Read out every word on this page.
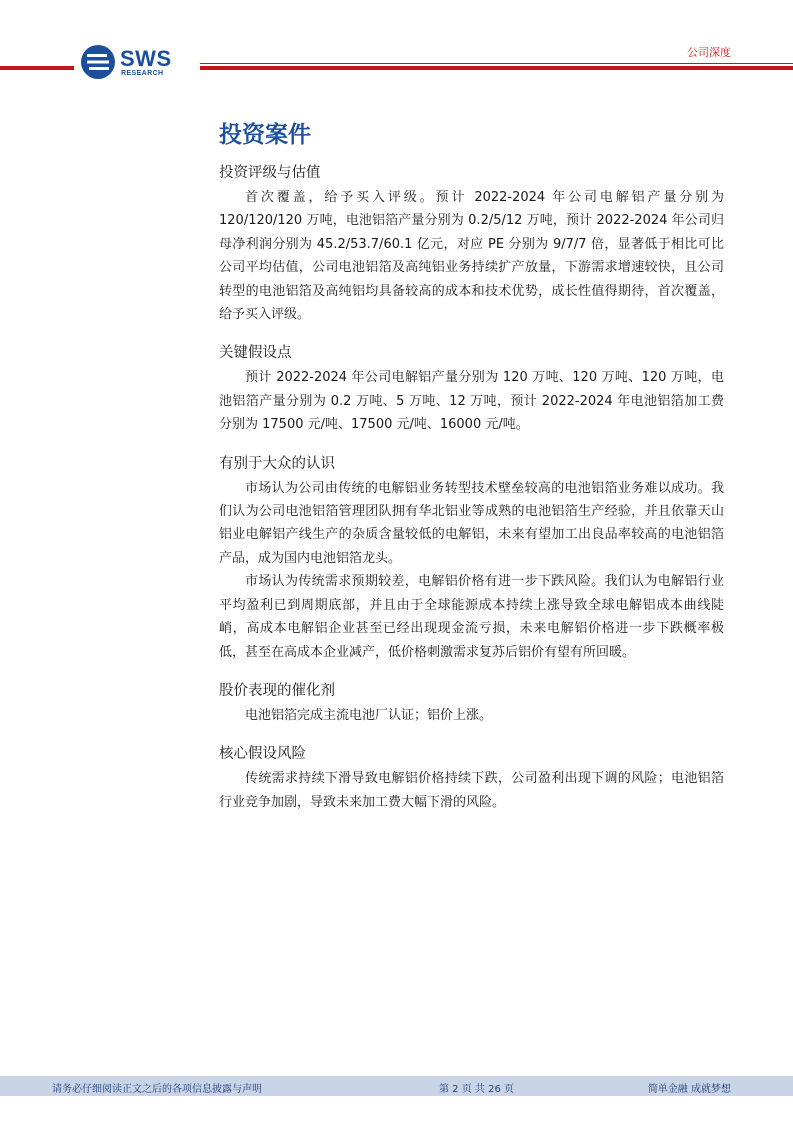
SWS
RESEARCH
公司深度
投资案件
投资评级与估值

首次覆盖，给予买入评级。预计 2022-2024 年公司电解铝产量分别为 120/120/120 万吨，电池铝箔产量分别为 0.2/5/12 万吨，预计 2022-2024 年公司归母净利润分别为 45.2/53.7/60.1 亿元，对应 PE 分别为 9/7/7 倍，显著低于相比可比公司平均估值，公司电池铝箔及高纯铝业务持续扩产放量，下游需求增速较快，且公司转型的电池铝箔及高纯铝均具备较高的成本和技术优势，成长性值得期待，首次覆盖，给予买入评级。

关键假设点

预计 2022-2024 年公司电解铝产量分别为 120 万吨、120 万吨、120 万吨，电池铝箔产量分别为 0.2 万吨、5 万吨、12 万吨，预计 2022-2024 年电池铝箔加工费分别为 17500 元/吨、17500 元/吨、16000 元/吨。

有别于大众的认识

市场认为公司由传统的电解铝业务转型技术壁垒较高的电池铝箔业务难以成功。我们认为公司电池铝箔管理团队拥有华北铝业等成熟的电池铝箔生产经验，并且依靠天山铝业电解铝产线生产的杂质含量较低的电解铝，未来有望加工出良品率较高的电池铝箔产品，成为国内电池铝箔龙头。

市场认为传统需求预期较差，电解铝价格有进一步下跌风险。我们认为电解铝行业平均盈利已到周期底部，并且由于全球能源成本持续上涨导致全球电解铝成本曲线陡峭，高成本电解铝企业甚至已经出现现金流亏损，未来电解铝价格进一步下跌概率极低，甚至在高成本企业减产，低价格刺激需求复苏后铝价有望有所回暖。

股价表现的催化剂

电池铝箔完成主流电池厂认证；铝价上涨。

核心假设风险

传统需求持续下滑导致电解铝价格持续下跌，公司盈利出现下调的风险；电池铝箔行业竞争加剧，导致未来加工费大幅下滑的风险。

请务必仔细阅读正文之后的各项信息披露与声明	第 2 页 共 26 页	简单金融 成就梦想
